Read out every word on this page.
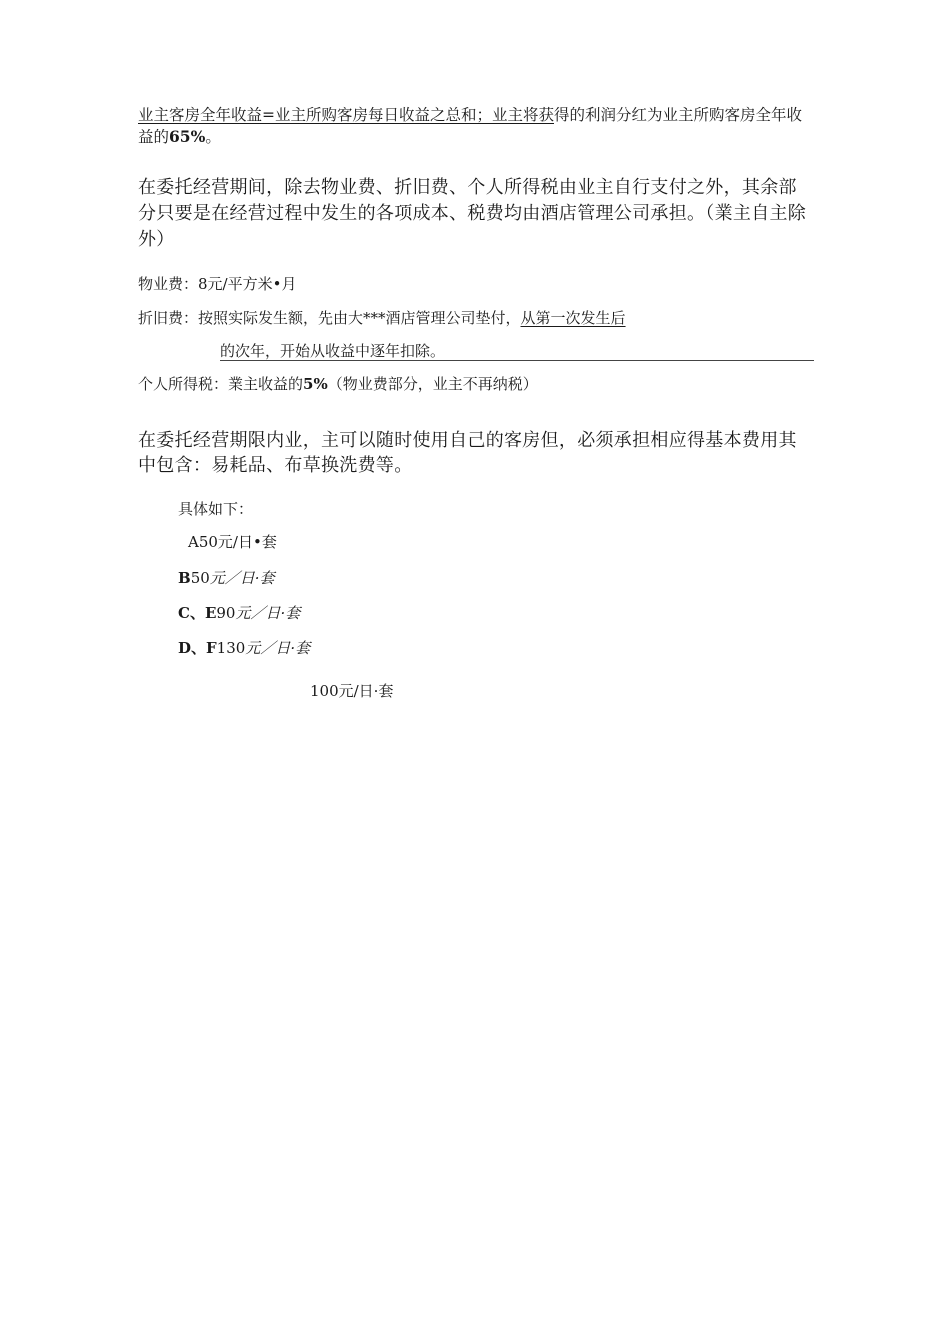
业主客房全年收益=业主所购客房每日收益之总和；业主将获得的利润分红为业主所购客房全年收益的65%。

在委托经营期间，除去物业费、折旧费、个人所得税由业主自行支付之外，其余部分只要是在经营过程中发生的各项成本、税费均由酒店管理公司承担。（業主自主除外）

物业费：8元/平方米•月

折旧费：按照实际发生额，先由大***酒店管理公司垫付，从第一次发生后

的次年，开始从收益中逐年扣除。

个人所得税：業主收益的5%（物业费部分，业主不再纳税）

在委托经营期限内业，主可以随时使用自己的客房但，必须承担相应得基本费用其中包含：易耗品、布草换洗费等。

具体如下：

A50元/日•套

B50元／日·套

C、E90元／日·套

D、F130元／日·套

100元/日·套
